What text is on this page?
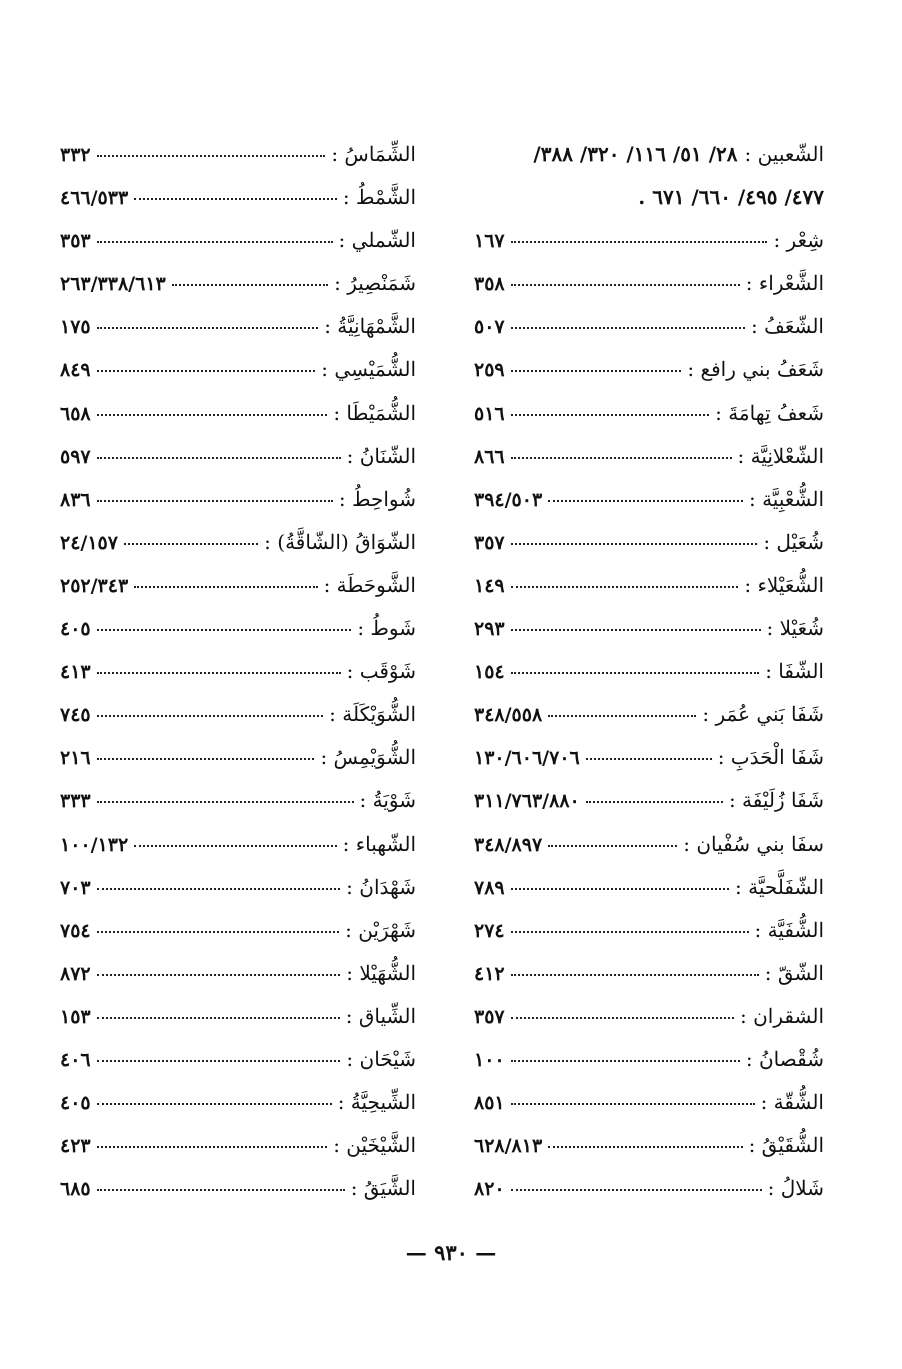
الشّعبين : ٢٨/ ٥١/ ١١٦/ ٣٢٠/ ٣٨٨/
٤٧٧/ ٤٩٥/ ٦٦٠/ ٦٧١ .
شِعْر :
١٦٧
الشَّعْراء :
٣٥٨
الشّعَفُ :
٥٠٧
شَعَفُ بني رافع :
٢٥٩
شَعفُ تِهامَةَ :
٥١٦
الشّعْلانِيَّة :
٨٦٦
الشُّعْبِيَّة :
٣٩٤/٥٠٣
شُعَيْل :
٣٥٧
الشُّعَيْلاء :
١٤٩
شُعَيْلا :
٢٩٣
الشّفَا :
١٥٤
شَفَا بَني عُمَر :
٣٤٨/٥٥٨
شَفَا الْحَدَبِ :
١٣٠/٦٠٦/٧٠٦
شَفَا زُلَيْفَة :
٣١١/٧٦٣/٨٨٠
سفَا بني سُفْيان :
٣٤٨/٨٩٧
الشّفَلَّحيَّة :
٧٨٩
الشُّفَيَّة :
٢٧٤
الشّقّ :
٤١٢
الشقران :
٣٥٧
شُقْصانُ :
١٠٠
الشُّقّة :
٨٥١
الشُّقَيْقُ :
٦٢٨/٨١٣
شَلالُ :
٨٢٠
الشِّمَاسُ :
٣٣٢
الشَّمْطُ :
٤٦٦/٥٣٣
الشّملي :
٣٥٣
شَمَنْصِيرُ :
٢٦٣/٣٣٨/٦١٣
الشَّمْهَانِيَّةُ :
١٧٥
الشُّمَيْسِي :
٨٤٩
الشُّمَيْطَا :
٦٥٨
الشّنَانُ :
٥٩٧
شُواحِطُ :
٨٣٦
الشّوَاقُ (الشّاقَّةُ) :
٢٤/١٥٧
الشَّوحَطَة :
٢٥٢/٣٤٣
شَوطُ :
٤٠٥
شَوْقَب :
٤١٣
الشُّوَيْكَلَة :
٧٤٥
الشُّوَيْمِسُ :
٢١٦
شَوْيَةُ :
٣٣٣
الشّهباء :
١٠٠/١٣٢
شَهْدَانُ :
٧٠٣
شَهْرَيْن :
٧٥٤
الشُّهَيْلا :
٨٧٢
الشِّياق :
١٥٣
شَيْحَان :
٤٠٦
الشِّيحِيَّةُ :
٤٠٥
الشَّيْخَيْن :
٤٢٣
الشَّيَقُ :
٦٨٥
— ٩٣٠ —
